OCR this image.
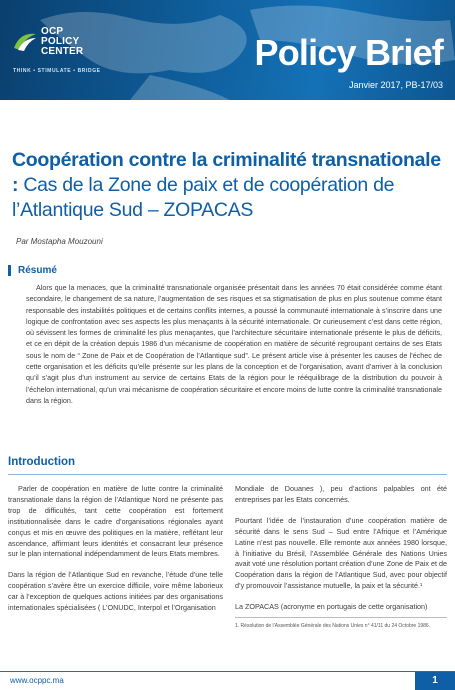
OCP
POLICY
CENTER
THINK • STIMULATE • BRIDGE	Policy Brief
Janvier 2017, PB-17/03
Coopération contre la criminalité transnationale : Cas de la Zone de paix et de coopération de l’Atlantique Sud – ZOPACAS
Par Mostapha Mouzouni
Résumé
Alors que la menaces, que la criminalité transnationale organisée présentait dans les années 70 était considérée comme étant secondaire, le changement de sa nature, l’augmentation de ses risques et sa stigmatisation de plus en plus soutenue comme étant responsable des instabilités politiques et de certains conflits internes, a poussé la communauté internationale à s’inscrire dans une logique de confrontation avec ses aspects les plus menaçants à la sécurité internationale. Or curieusement c’est dans cette région, où sévissent les formes de criminalité les plus menaçantes, que l’architecture sécuritaire internationale présente le plus de déficits, et ce en dépit de la création depuis 1986 d’un mécanisme de coopération en matière de sécurité regroupant certains de ses Etats sous le nom de “ Zone de Paix et de Coopération de l’Atlantique sud”. Le présent article vise à présenter les causes de l’échec de cette organisation et les déficits qu’elle présente sur les plans de la conception et de l’organisation, avant d’arriver à la conclusion qu’il s’agit plus d’un instrument au service de certains Etats de la région pour le rééquilibrage de la distribution du pouvoir à l’échelon international, qu’un vrai mécanisme de coopération sécuritaire et encore moins de lutte contre la criminalité transnationale dans la région.
Introduction

Parler de coopération en matière de lutte contre la criminalité transnationale dans la région de l’Atlantique Nord ne présente pas trop de difficultés, tant cette coopération est fortement institutionnalisée dans le cadre d’organisations régionales ayant conçus et mis en œuvre des politiques en la matière, reflétant leur ascendance, affirmant leurs identités et consacrant leur présence sur le plan international indépendamment de leurs Etats membres.

Dans la région de l’Atlantique Sud en revanche, l’étude d’une telle coopération s’avère être un exercice difficile, voire même laborieux car à l’exception de quelques actions initiées par des organisations internationales spécialisées ( L’ONUDC, Interpol et l’Organisation

Mondiale de Douanes ), peu d’actions palpables ont été entreprises par les Etats concernés.

Pourtant l’idée de l’instauration d’une coopération matière de sécurité dans le sens Sud – Sud entre l’Afrique et l’Amérique Latine n’est pas nouvelle. Elle remonte aux années 1980 lorsque, à l’initiative du Brésil, l’Assemblée Générale des Nations Unies avait voté une résolution portant création d’une Zone de Paix et de Coopération dans la région de l’Atlantique Sud, avec pour objectif d’y promouvoir l’assistance mutuelle, la paix et la sécurité.¹

La ZOPACAS (acronyme en portugais de cette organisation)

1. Résolution de l’Assemblée Générale des Nations Unies n° 41/11 du 24 Octobre 1986.
www.ocppc.ma	1
